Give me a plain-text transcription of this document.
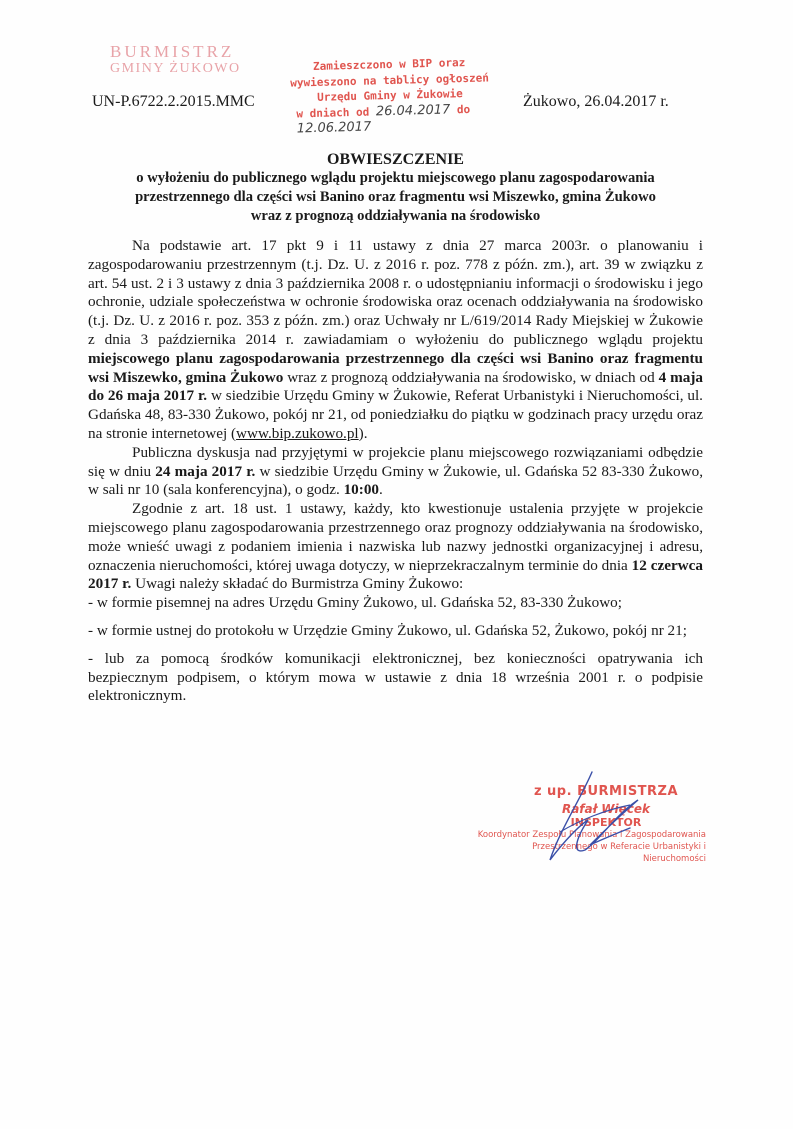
BURMISTRZ
GMINY ŻUKOWO
UN-P.6722.2.2015.MMC
Zamieszczono w BIP oraz
wywieszono na tablicy ogłoszeń
Urzędu Gminy w Żukowie
w dniach od 26.04.2017 do 12.06.2017
Żukowo, 26.04.2017 r.
OBWIESZCZENIE
o wyłożeniu do publicznego wglądu projektu miejscowego planu zagospodarowania
przestrzennego dla części wsi Banino oraz fragmentu wsi Miszewko, gmina Żukowo
wraz z prognozą oddziaływania na środowisko

Na podstawie art. 17 pkt 9 i 11 ustawy z dnia 27 marca 2003r. o planowaniu i zagospodarowaniu przestrzennym (t.j. Dz. U. z 2016 r. poz. 778 z późn. zm.), art. 39 w związku z art. 54 ust. 2 i 3 ustawy z dnia 3 października 2008 r. o udostępnianiu informacji o środowisku i jego ochronie, udziale społeczeństwa w ochronie środowiska oraz ocenach oddziaływania na środowisko (t.j. Dz. U. z 2016 r. poz. 353 z późn. zm.) oraz Uchwały nr L/619/2014 Rady Miejskiej w Żukowie z dnia 3 października 2014 r. zawiadamiam o wyłożeniu do publicznego wglądu projektu miejscowego planu zagospodarowania przestrzennego dla części wsi Banino oraz fragmentu wsi Miszewko, gmina Żukowo wraz z prognozą oddziaływania na środowisko, w dniach od 4 maja do 26 maja 2017 r. w siedzibie Urzędu Gminy w Żukowie, Referat Urbanistyki i Nieruchomości, ul. Gdańska 48, 83-330 Żukowo, pokój nr 21, od poniedziałku do piątku w godzinach pracy urzędu oraz na stronie internetowej (www.bip.zukowo.pl).

Publiczna dyskusja nad przyjętymi w projekcie planu miejscowego rozwiązaniami odbędzie się w dniu 24 maja 2017 r. w siedzibie Urzędu Gminy w Żukowie, ul. Gdańska 52 83-330 Żukowo, w sali nr 10 (sala konferencyjna), o godz. 10:00.

Zgodnie z art. 18 ust. 1 ustawy, każdy, kto kwestionuje ustalenia przyjęte w projekcie miejscowego planu zagospodarowania przestrzennego oraz prognozy oddziaływania na środowisko, może wnieść uwagi z podaniem imienia i nazwiska lub nazwy jednostki organizacyjnej i adresu, oznaczenia nieruchomości, której uwaga dotyczy, w nieprzekraczalnym terminie do dnia 12 czerwca 2017 r. Uwagi należy składać do Burmistrza Gminy Żukowo:

- w formie pisemnej na adres Urzędu Gminy Żukowo, ul. Gdańska 52, 83-330 Żukowo;

- w formie ustnej do protokołu w Urzędzie Gminy Żukowo, ul. Gdańska 52, Żukowo, pokój nr 21;

- lub za pomocą środków komunikacji elektronicznej, bez konieczności opatrywania ich bezpiecznym podpisem, o którym mowa w ustawie z dnia 18 września 2001 r. o podpisie elektronicznym.

z up. BURMISTRZA
Rafał Więcek
INSPEKTOR
Koordynator Zespołu Planowania i Zagospodarowania
Przestrzennego w Referacie Urbanistyki i Nieruchomości
